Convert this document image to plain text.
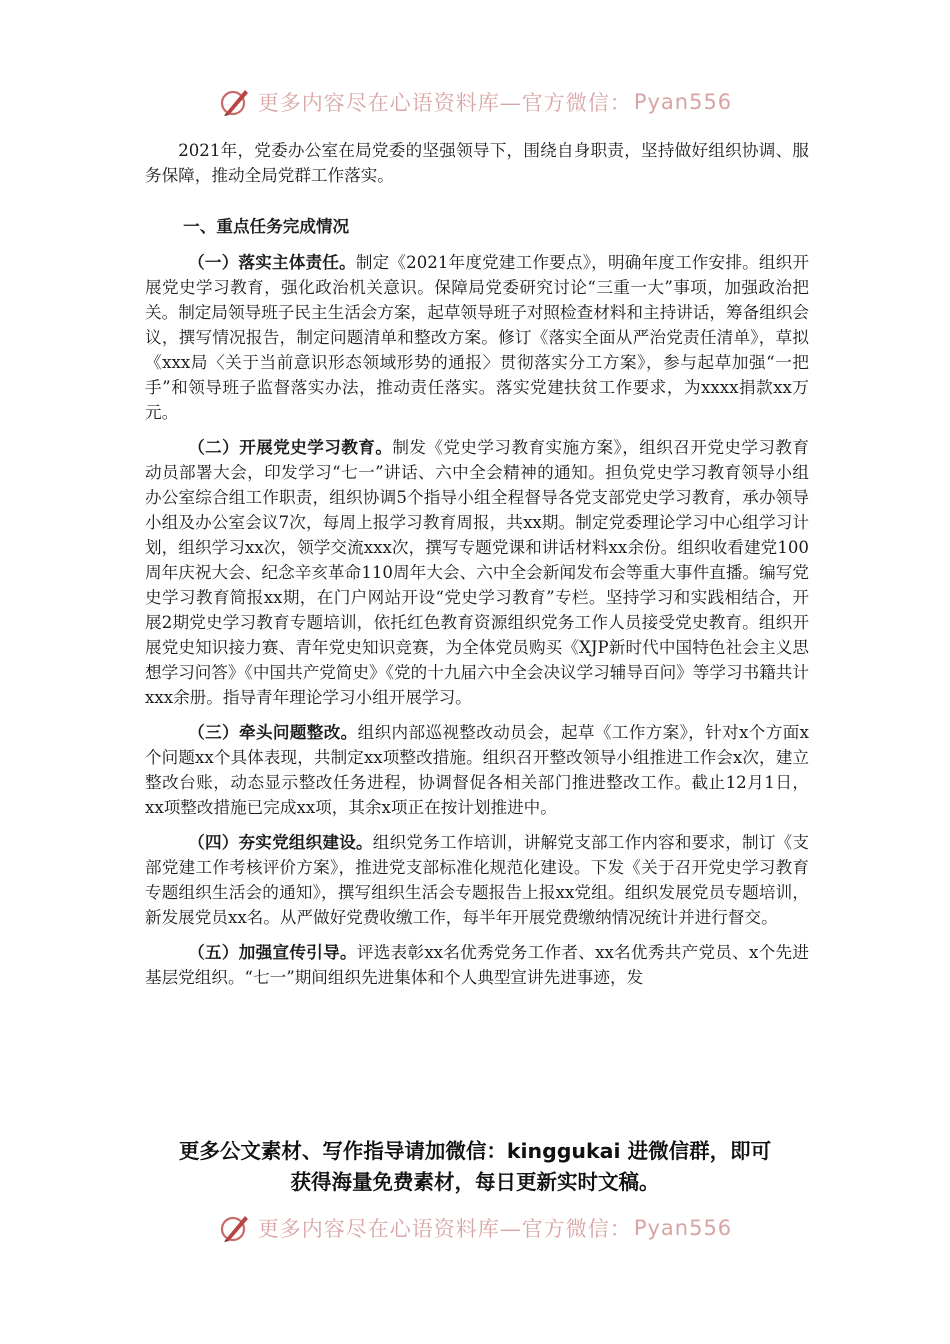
更多内容尽在心语资料库—官方微信： Pyan556

2021年，党委办公室在局党委的坚强领导下，围绕自身职责，坚持做好组织协调、服务保障，推动全局党群工作落实。

一、重点任务完成情况

（一）落实主体责任。制定《2021年度党建工作要点》，明确年度工作安排。组织开展党史学习教育，强化政治机关意识。保障局党委研究讨论“三重一大”事项，加强政治把关。制定局领导班子民主生活会方案，起草领导班子对照检查材料和主持讲话，筹备组织会议，撰写情况报告，制定问题清单和整改方案。修订《落实全面从严治党责任清单》，草拟《xxx局〈关于当前意识形态领域形势的通报〉贯彻落实分工方案》，参与起草加强“一把手”和领导班子监督落实办法，推动责任落实。落实党建扶贫工作要求，为xxxx捐款xx万元。

（二）开展党史学习教育。制发《党史学习教育实施方案》，组织召开党史学习教育动员部署大会，印发学习“七一”讲话、六中全会精神的通知。担负党史学习教育领导小组办公室综合组工作职责，组织协调5个指导小组全程督导各党支部党史学习教育，承办领导小组及办公室会议7次，每周上报学习教育周报，共xx期。制定党委理论学习中心组学习计划，组织学习xx次，领学交流xxx次，撰写专题党课和讲话材料xx余份。组织收看建党100周年庆祝大会、纪念辛亥革命110周年大会、六中全会新闻发布会等重大事件直播。编写党史学习教育简报xx期，在门户网站开设“党史学习教育”专栏。坚持学习和实践相结合，开展2期党史学习教育专题培训，依托红色教育资源组织党务工作人员接受党史教育。组织开展党史知识接力赛、青年党史知识竞赛，为全体党员购买《XJP新时代中国特色社会主义思想学习问答》《中国共产党简史》《党的十九届六中全会决议学习辅导百问》等学习书籍共计xxx余册。指导青年理论学习小组开展学习。

（三）牵头问题整改。组织内部巡视整改动员会，起草《工作方案》，针对x个方面x个问题xx个具体表现，共制定xx项整改措施。组织召开整改领导小组推进工作会x次，建立整改台账，动态显示整改任务进程，协调督促各相关部门推进整改工作。截止12月1日，xx项整改措施已完成xx项，其余x项正在按计划推进中。

（四）夯实党组织建设。组织党务工作培训，讲解党支部工作内容和要求，制订《支部党建工作考核评价方案》，推进党支部标准化规范化建设。下发《关于召开党史学习教育专题组织生活会的通知》，撰写组织生活会专题报告上报xx党组。组织发展党员专题培训，新发展党员xx名。从严做好党费收缴工作，每半年开展党费缴纳情况统计并进行督交。

（五）加强宣传引导。评选表彰xx名优秀党务工作者、xx名优秀共产党员、x个先进基层党组织。“七一”期间组织先进集体和个人典型宣讲先进事迹，发

更多公文素材、写作指导请加微信：kinggukai 进微信群，即可
获得海量免费素材，每日更新实时文稿。
更多内容尽在心语资料库—官方微信： Pyan556
